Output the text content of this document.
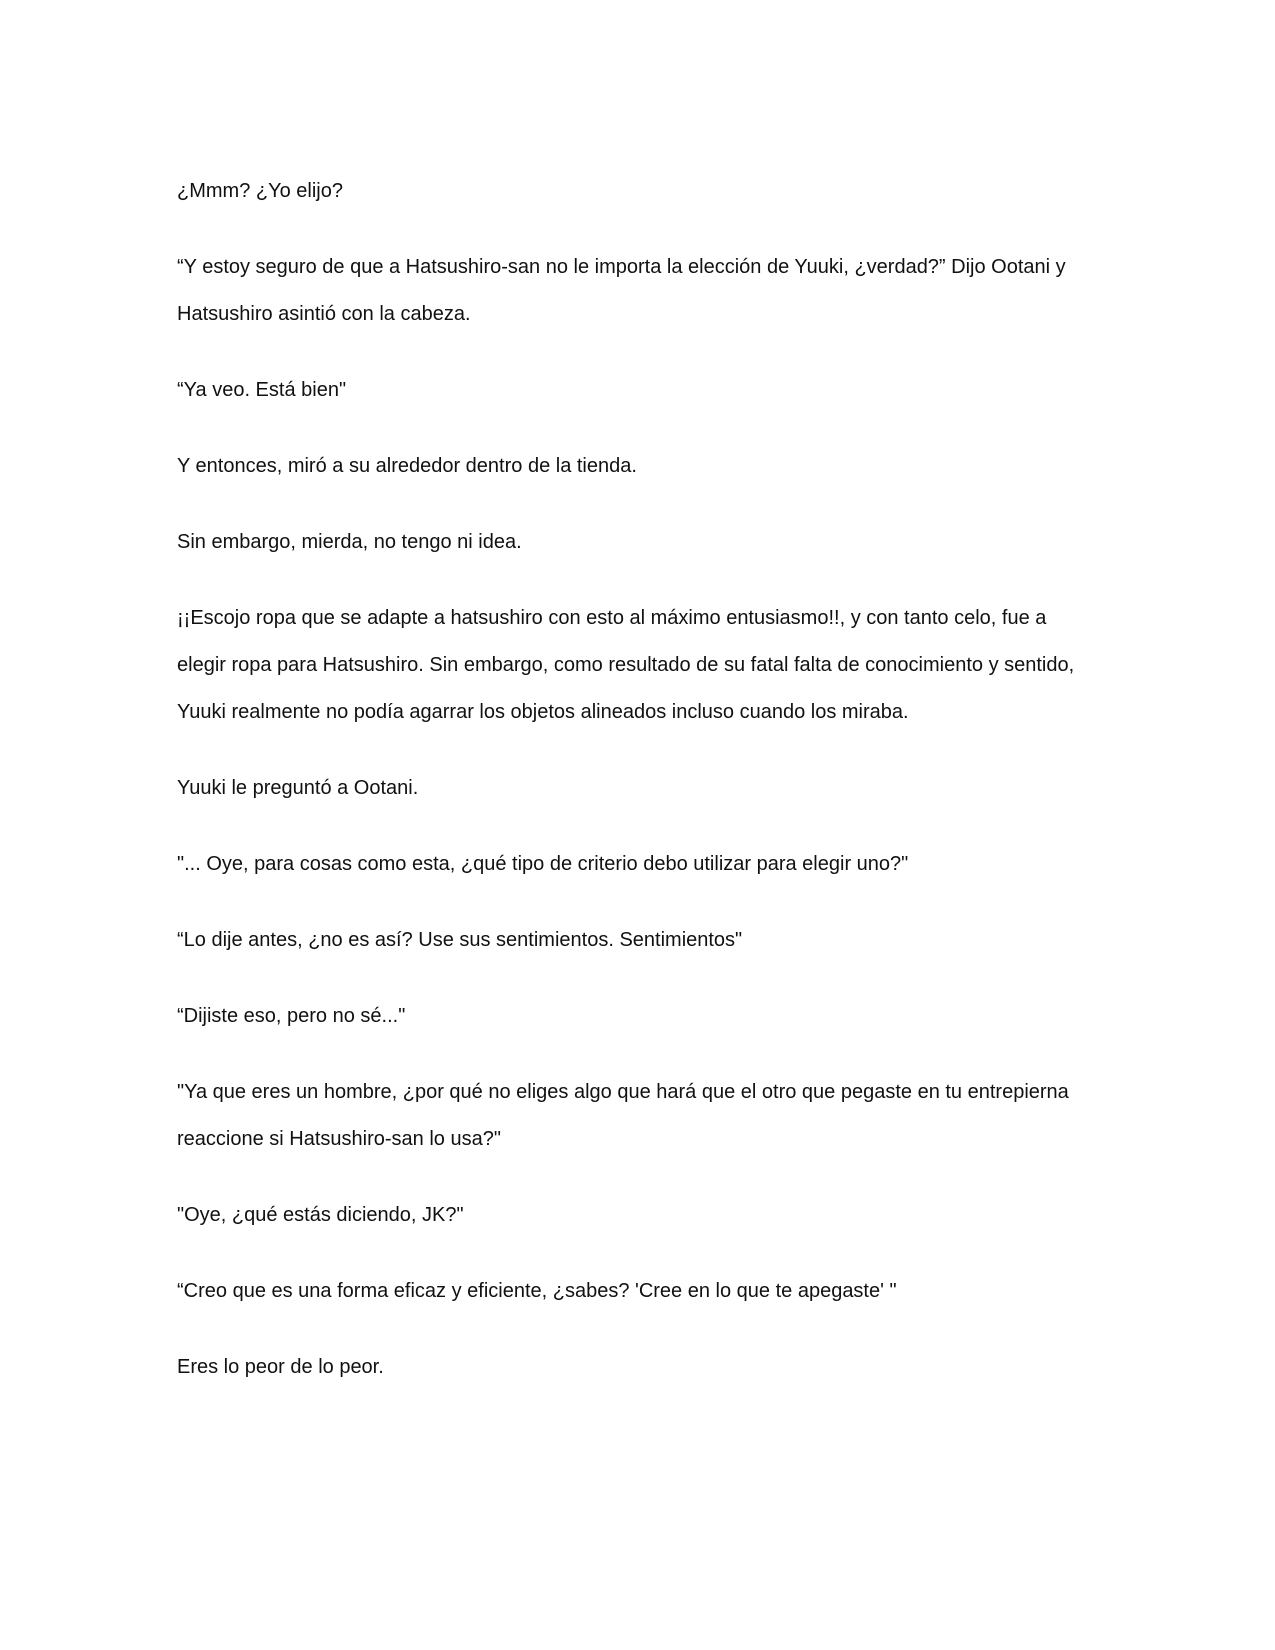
¿Mmm? ¿Yo elijo?

“Y estoy seguro de que a Hatsushiro-san no le importa la elección de Yuuki, ¿verdad?” Dijo Ootani y Hatsushiro asintió con la cabeza.

“Ya veo. Está bien"

Y entonces, miró a su alrededor dentro de la tienda.

Sin embargo, mierda, no tengo ni idea.

¡¡Escojo ropa que se adapte a hatsushiro con esto al máximo entusiasmo!!, y con tanto celo, fue a elegir ropa para Hatsushiro. Sin embargo, como resultado de su fatal falta de conocimiento y sentido, Yuuki realmente no podía agarrar los objetos alineados incluso cuando los miraba.

Yuuki le preguntó a Ootani.

"... Oye, para cosas como esta, ¿qué tipo de criterio debo utilizar para elegir uno?"

“Lo dije antes, ¿no es así? Use sus sentimientos. Sentimientos"

“Dijiste eso, pero no sé..."

"Ya que eres un hombre, ¿por qué no eliges algo que hará que el otro que pegaste en tu entrepierna reaccione si Hatsushiro-san lo usa?"

"Oye, ¿qué estás diciendo, JK?"

“Creo que es una forma eficaz y eficiente, ¿sabes? 'Cree en lo que te apegaste' "

Eres lo peor de lo peor.
